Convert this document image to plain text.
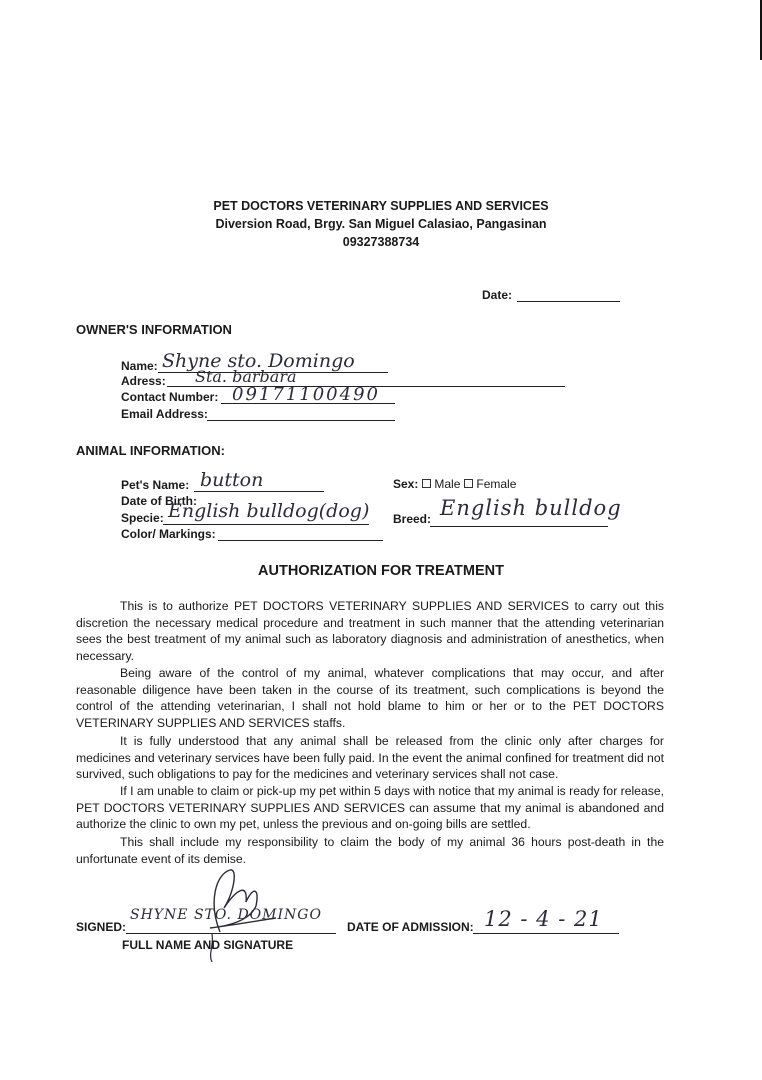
PET DOCTORS VETERINARY SUPPLIES AND SERVICES
Diversion Road, Brgy. San Miguel Calasiao, Pangasinan
09327388734
Date:
OWNER'S INFORMATION
Name: Shyne sto. Domingo
Adress: Sta. barbara
Contact Number: 09171100490
Email Address:
ANIMAL INFORMATION:
Pet's Name: button
Date of Birth:
Specie: English bulldog(dog)
Color/ Markings:
Sex: Male Female
Breed: English bulldog
AUTHORIZATION FOR TREATMENT

This is to authorize PET DOCTORS VETERINARY SUPPLIES AND SERVICES to carry out this discretion the necessary medical procedure and treatment in such manner that the attending veterinarian sees the best treatment of my animal such as laboratory diagnosis and administration of anesthetics, when necessary.

Being aware of the control of my animal, whatever complications that may occur, and after reasonable diligence have been taken in the course of its treatment, such complications is beyond the control of the attending veterinarian, I shall not hold blame to him or her or to the PET DOCTORS VETERINARY SUPPLIES AND SERVICES staffs.

It is fully understood that any animal shall be released from the clinic only after charges for medicines and veterinary services have been fully paid. In the event the animal confined for treatment did not survived, such obligations to pay for the medicines and veterinary services shall not case.

If I am unable to claim or pick-up my pet within 5 days with notice that my animal is ready for release, PET DOCTORS VETERINARY SUPPLIES AND SERVICES can assume that my animal is abandoned and authorize the clinic to own my pet, unless the previous and on-going bills are settled.

This shall include my responsibility to claim the body of my animal 36 hours post-death in the unfortunate event of its demise.

SIGNED:
SHYNE STO. DOMINGO
FULL NAME AND SIGNATURE
DATE OF ADMISSION: 12 - 4 - 21
